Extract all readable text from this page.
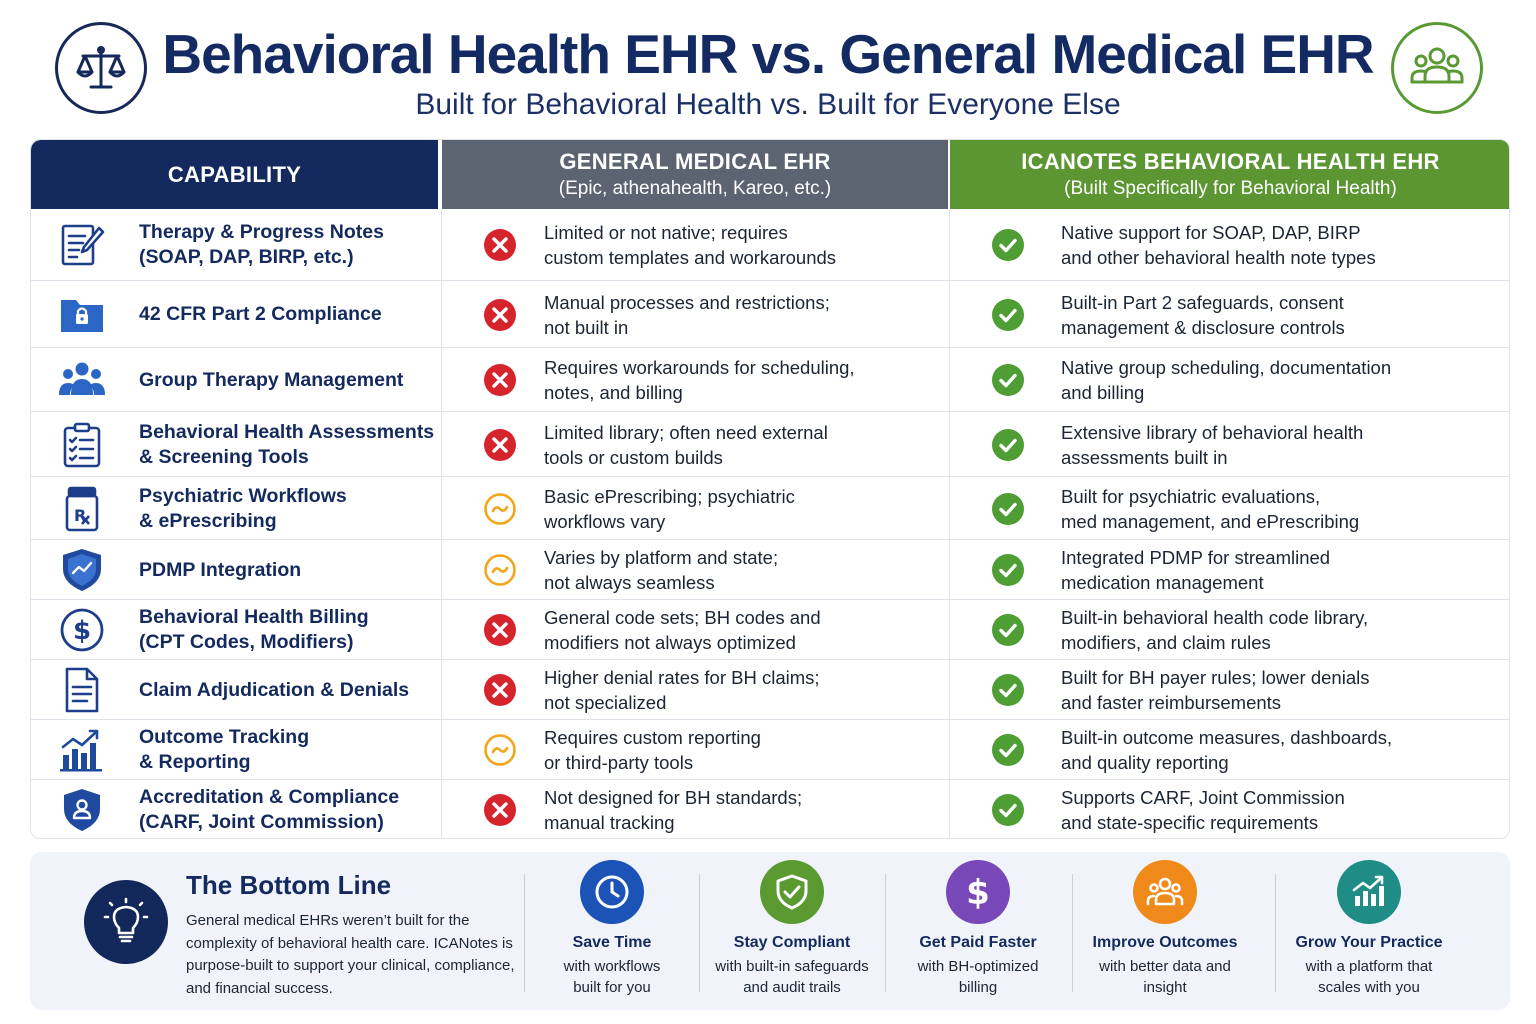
Behavioral Health EHR vs. General Medical EHR
Built for Behavioral Health vs. Built for Everyone Else
CAPABILITY	GENERAL MEDICAL EHR
(Epic, athenahealth, Kareo, etc.)
ICANOTES BEHAVIORAL HEALTH EHR
(Built Specifically for Behavioral Health)
Therapy & Progress Notes
(SOAP, DAP, BIRP, etc.)
Limited or not native; requires
custom templates and workarounds
Native support for SOAP, DAP, BIRP
and other behavioral health note types
42 CFR Part 2 Compliance
Manual processes and restrictions;
not built in
Built-in Part 2 safeguards, consent
management & disclosure controls
Group Therapy Management
Requires workarounds for scheduling,
notes, and billing
Native group scheduling, documentation
and billing
Behavioral Health Assessments
& Screening Tools
Limited library; often need external
tools or custom builds
Extensive library of behavioral health
assessments built in
R
Psychiatric Workflows
& ePrescribing
Basic ePrescribing; psychiatric
workflows vary
Built for psychiatric evaluations,
med management, and ePrescribing
PDMP Integration
Varies by platform and state;
not always seamless
Integrated PDMP for streamlined
medication management
$ Behavioral Health Billing
(CPT Codes, Modifiers)
General code sets; BH codes and
modifiers not always optimized
Built-in behavioral health code library,
modifiers, and claim rules
Claim Adjudication & Denials
Higher denial rates for BH claims;
not specialized
Built for BH payer rules; lower denials
and faster reimbursements
Outcome Tracking
& Reporting
Requires custom reporting
or third-party tools
Built-in outcome measures, dashboards,
and quality reporting
Accreditation & Compliance
(CARF, Joint Commission)
Not designed for BH standards;
manual tracking
Supports CARF, Joint Commission
and state-specific requirements
The Bottom Line
General medical EHRs weren’t built for the complexity of behavioral health care. ICANotes is purpose-built to support your clinical, compliance, and financial success.
Save Time
with workflows
built for you
Stay Compliant
with built-in safeguards
and audit trails
$
Get Paid Faster
with BH-optimized
billing
Improve Outcomes
with better data and
insight
Grow Your Practice
with a platform that
scales with you
